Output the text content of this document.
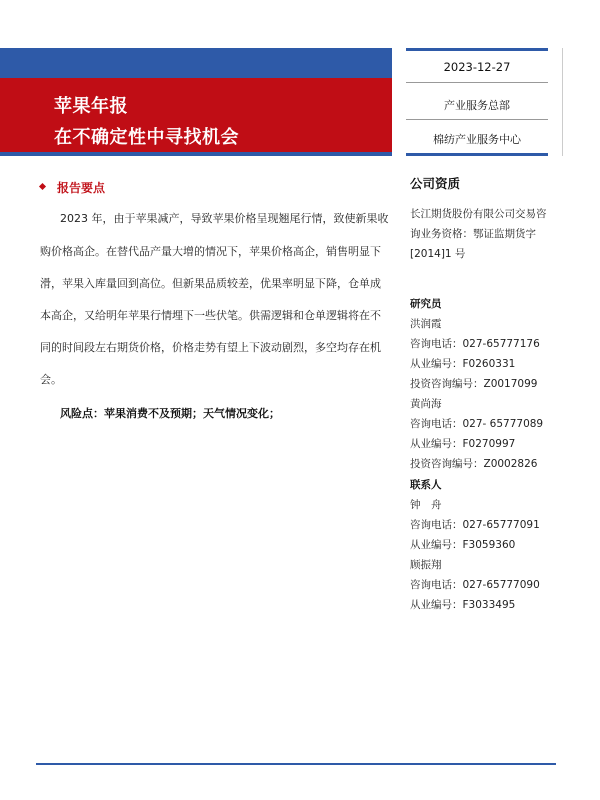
苹果年报
在不确定性中寻找机会
2023-12-27
产业服务总部
棉纺产业服务中心
报告要点
2023 年，由于苹果减产，导致苹果价格呈现翘尾行情，致使新果收
购价格高企。在替代品产量大增的情况下，苹果价格高企，销售明显下
滑，苹果入库量回到高位。但新果品质较差，优果率明显下降，仓单成
本高企，又给明年苹果行情埋下一些伏笔。供需逻辑和仓单逻辑将在不
同的时间段左右期货价格，价格走势有望上下波动剧烈，多空均存在机
会。
风险点：苹果消费不及预期；天气情况变化；
公司资质
长江期货股份有限公司交易咨
询业务资格：鄂证监期货字
[2014]1 号
研究员
洪润霞
咨询电话：027-65777176
从业编号：F0260331
投资咨询编号：Z0017099
黄尚海
咨询电话：027- 65777089
从业编号：F0270997
投资咨询编号：Z0002826
联系人
钟　舟
咨询电话：027-65777091
从业编号：F3059360
顾振翔
咨询电话：027-65777090
从业编号：F3033495
